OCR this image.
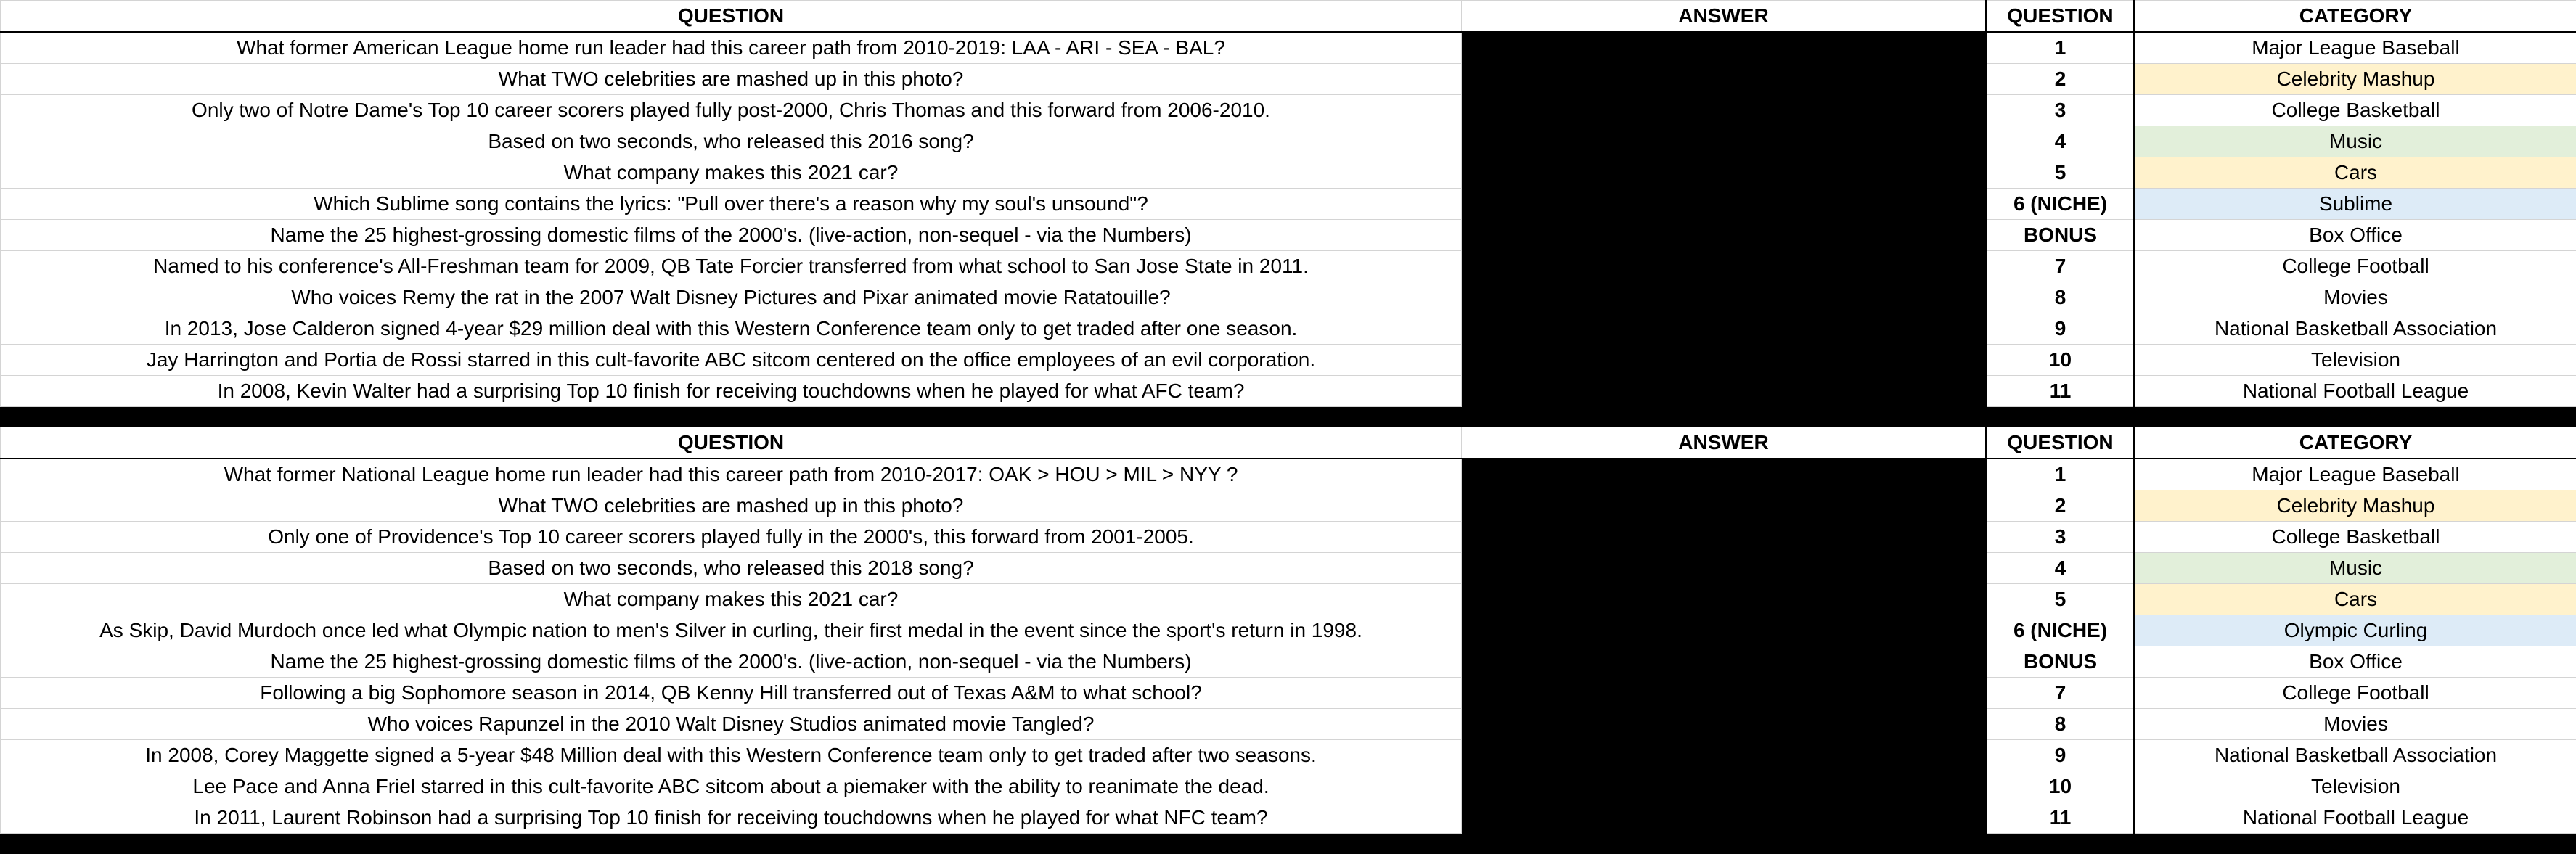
QUESTION	ANSWER	QUESTION	CATEGORY
What former American League home run leader had this career path from 2010-2019: LAA - ARI - SEA - BAL?		1	Major League Baseball
What TWO celebrities are mashed up in this photo?		2	Celebrity Mashup
Only two of Notre Dame's Top 10 career scorers played fully post-2000, Chris Thomas and this forward from 2006-2010.		3	College Basketball
Based on two seconds, who released this 2016 song?		4	Music
What company makes this 2021 car?		5	Cars
Which Sublime song contains the lyrics: "Pull over there's a reason why my soul's unsound"?		6 (NICHE)	Sublime
Name the 25 highest-grossing domestic films of the 2000's. (live-action, non-sequel - via the Numbers)		BONUS	Box Office
Named to his conference's All-Freshman team for 2009, QB Tate Forcier transferred from what school to San Jose State in 2011.		7	College Football
Who voices Remy the rat in the 2007 Walt Disney Pictures and Pixar animated movie Ratatouille?		8	Movies
In 2013, Jose Calderon signed 4-year $29 million deal with this Western Conference team only to get traded after one season.		9	National Basketball Association
Jay Harrington and Portia de Rossi starred in this cult-favorite ABC sitcom centered on the office employees of an evil corporation.		10	Television
In 2008, Kevin Walter had a surprising Top 10 finish for receiving touchdowns when he played for what AFC team?		11	National Football League
QUESTION	ANSWER	QUESTION	CATEGORY
What former National League home run leader had this career path from 2010-2017: OAK > HOU > MIL > NYY ?		1	Major League Baseball
What TWO celebrities are mashed up in this photo?		2	Celebrity Mashup
Only one of Providence's Top 10 career scorers played fully in the 2000's, this forward from 2001-2005.		3	College Basketball
Based on two seconds, who released this 2018 song?		4	Music
What company makes this 2021 car?		5	Cars
As Skip, David Murdoch once led what Olympic nation to men's Silver in curling, their first medal in the event since the sport's return in 1998.		6 (NICHE)	Olympic Curling
Name the 25 highest-grossing domestic films of the 2000's. (live-action, non-sequel - via the Numbers)		BONUS	Box Office
Following a big Sophomore season in 2014, QB Kenny Hill transferred out of Texas A&M to what school?		7	College Football
Who voices Rapunzel in the 2010 Walt Disney Studios animated movie Tangled?		8	Movies
In 2008, Corey Maggette signed a 5-year $48 Million deal with this Western Conference team only to get traded after two seasons.		9	National Basketball Association
Lee Pace and Anna Friel starred in this cult-favorite ABC sitcom about a piemaker with the ability to reanimate the dead.		10	Television
In 2011, Laurent Robinson had a surprising Top 10 finish for receiving touchdowns when he played for what NFC team?		11	National Football League
